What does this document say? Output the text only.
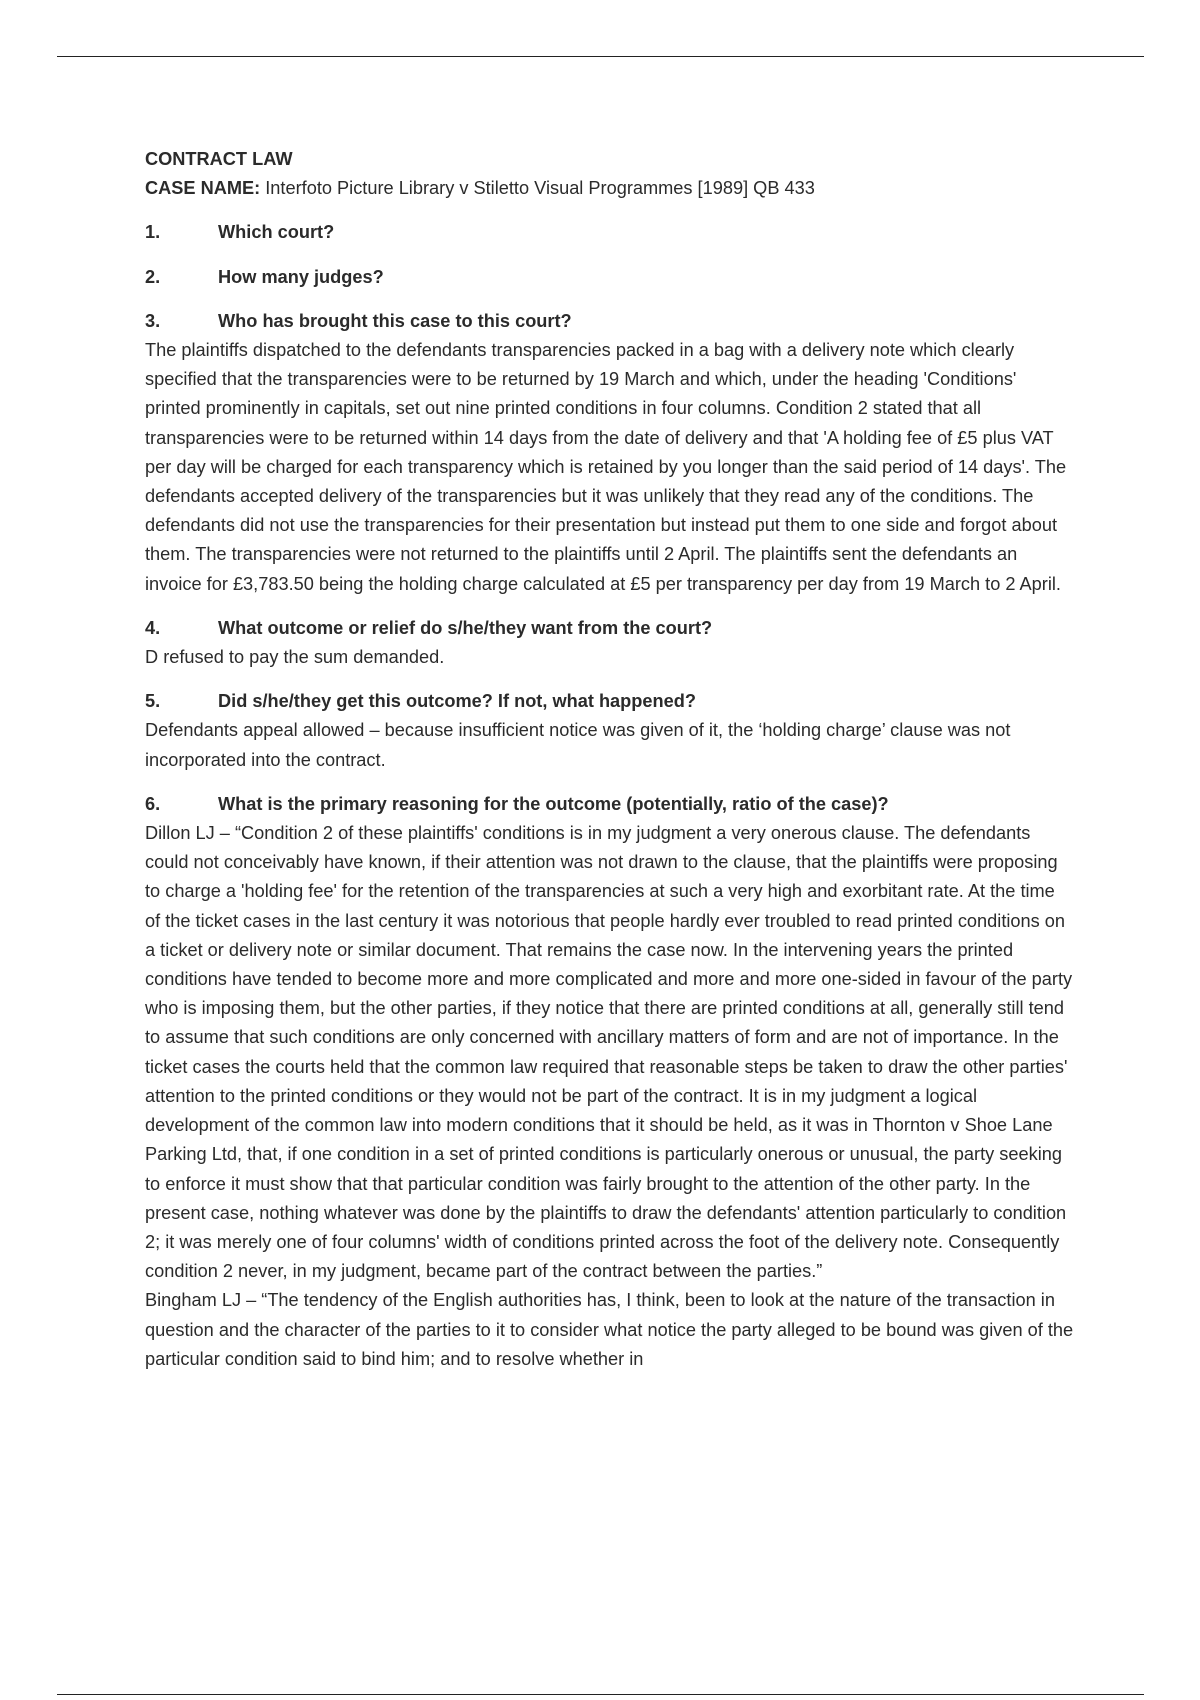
CONTRACT LAW

CASE NAME: Interfoto Picture Library v Stiletto Visual Programmes [1989] QB 433

1.	Which court?
2.	How many judges?
3.	Who has brought this case to this court?

The plaintiffs dispatched to the defendants transparencies packed in a bag with a delivery note which clearly specified that the transparencies were to be returned by 19 March and which, under the heading 'Conditions' printed prominently in capitals, set out nine printed conditions in four columns. Condition 2 stated that all transparencies were to be returned within 14 days from the date of delivery and that 'A holding fee of £5 plus VAT per day will be charged for each transparency which is retained by you longer than the said period of 14 days'. The defendants accepted delivery of the transparencies but it was unlikely that they read any of the conditions. The defendants did not use the transparencies for their presentation but instead put them to one side and forgot about them. The transparencies were not returned to the plaintiffs until 2 April. The plaintiffs sent the defendants an invoice for £3,783.50 being the holding charge calculated at £5 per transparency per day from 19 March to 2 April.

4.	What outcome or relief do s/he/they want from the court?

D refused to pay the sum demanded.

5.	Did s/he/they get this outcome? If not, what happened?

Defendants appeal allowed – because insufficient notice was given of it, the ‘holding charge’ clause was not incorporated into the contract.

6.	What is the primary reasoning for the outcome (potentially, ratio of the case)?

Dillon LJ – “Condition 2 of these plaintiffs' conditions is in my judgment a very onerous clause. The defendants could not conceivably have known, if their attention was not drawn to the clause, that the plaintiffs were proposing to charge a 'holding fee' for the retention of the transparencies at such a very high and exorbitant rate. At the time of the ticket cases in the last century it was notorious that people hardly ever troubled to read printed conditions on a ticket or delivery note or similar document. That remains the case now. In the intervening years the printed conditions have tended to become more and more complicated and more and more one-sided in favour of the party who is imposing them, but the other parties, if they notice that there are printed conditions at all, generally still tend to assume that such conditions are only concerned with ancillary matters of form and are not of importance. In the ticket cases the courts held that the common law required that reasonable steps be taken to draw the other parties' attention to the printed conditions or they would not be part of the contract. It is in my judgment a logical development of the common law into modern conditions that it should be held, as it was in Thornton v Shoe Lane Parking Ltd, that, if one condition in a set of printed conditions is particularly onerous or unusual, the party seeking to enforce it must show that that particular condition was fairly brought to the attention of the other party. In the present case, nothing whatever was done by the plaintiffs to draw the defendants' attention particularly to condition 2; it was merely one of four columns' width of conditions printed across the foot of the delivery note. Consequently condition 2 never, in my judgment, became part of the contract between the parties.”

Bingham LJ – “The tendency of the English authorities has, I think, been to look at the nature of the transaction in question and the character of the parties to it to consider what notice the party alleged to be bound was given of the particular condition said to bind him; and to resolve whether in
